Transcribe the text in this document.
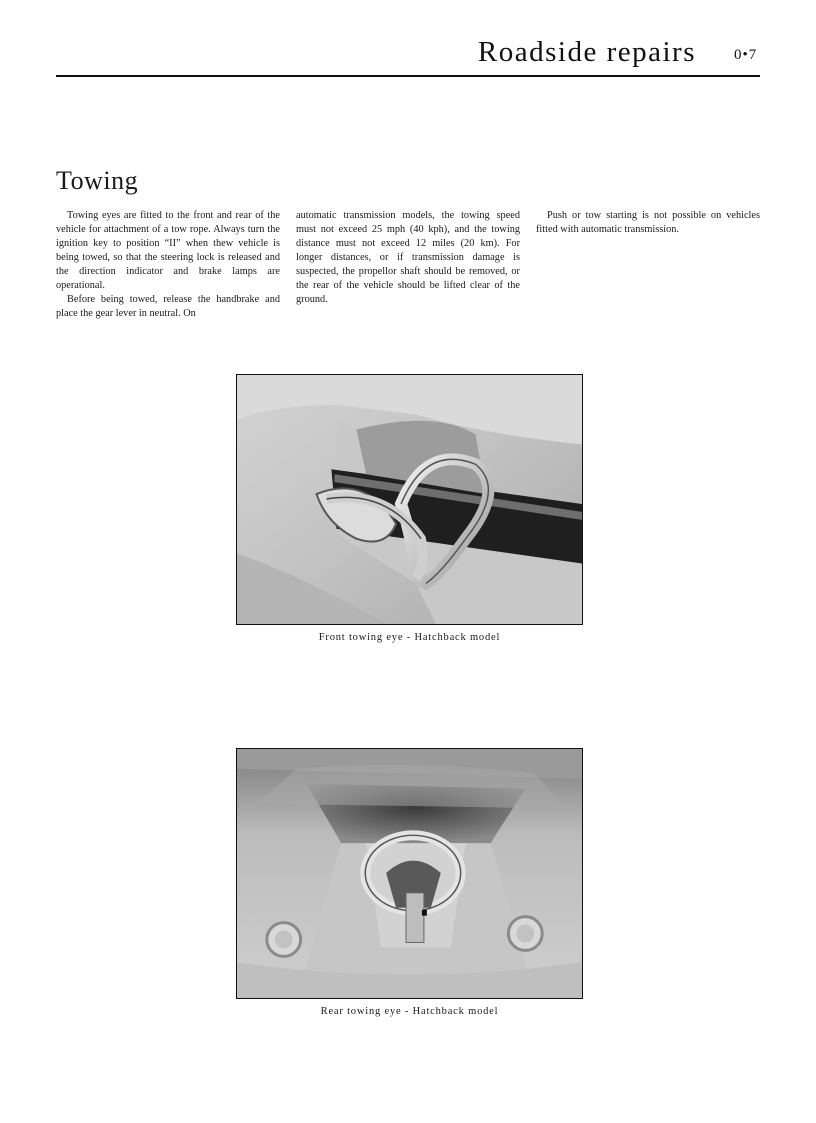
Roadside repairs	0•7
Towing

Towing eyes are fitted to the front and rear of the vehicle for attachment of a tow rope. Always turn the ignition key to position “II” when thew vehicle is being towed, so that the steering lock is released and the direction indicator and brake lamps are operational.

Before being towed, release the handbrake and place the gear lever in neutral. On

automatic transmission models, the towing speed must not exceed 25 mph (40 kph), and the towing distance must not exceed 12 miles (20 km). For longer distances, or if transmission damage is suspected, the propellor shaft should be removed, or the rear of the vehicle should be lifted clear of the ground.

Push or tow starting is not possible on vehicles fitted with automatic transmission.

Front towing eye - Hatchback model
Rear towing eye - Hatchback model
